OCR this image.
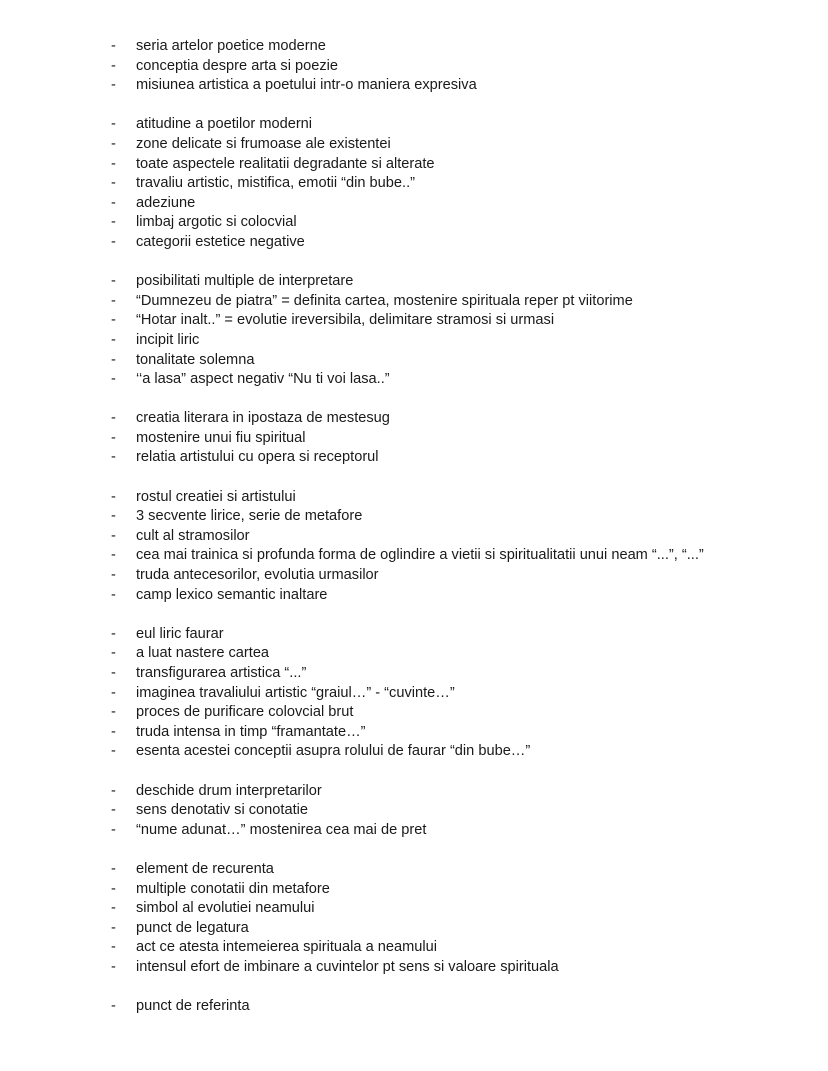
- seria artelor poetice moderne
- conceptia despre arta si poezie
- misiunea artistica a poetului intr-o maniera expresiva
- atitudine a poetilor moderni
- zone delicate si frumoase ale existentei
- toate aspectele realitatii degradante si alterate
- travaliu artistic, mistifica, emotii “din bube..”
- adeziune
- limbaj argotic si colocvial
- categorii estetice negative
- posibilitati multiple de interpretare
- “Dumnezeu de piatra” = definita cartea, mostenire spirituala reper pt viitorime
- “Hotar inalt..” = evolutie ireversibila, delimitare stramosi si urmasi
- incipit liric
- tonalitate solemna
- ‘‘a lasa” aspect negativ “Nu ti voi lasa..”
- creatia literara in ipostaza de mestesug
- mostenire unui fiu spiritual
- relatia artistului cu opera si receptorul
- rostul creatiei si artistului
- 3 secvente lirice, serie de metafore
- cult al stramosilor
- cea mai trainica si profunda forma de oglindire a vietii si spiritualitatii unui neam “...”, “...”
- truda antecesorilor, evolutia urmasilor
- camp lexico semantic inaltare
- eul liric faurar
- a luat nastere cartea
- transfigurarea artistica “...”
- imaginea travaliului artistic “graiul…” - “cuvinte…”
- proces de purificare colovcial brut
- truda intensa in timp “framantate…”
- esenta acestei conceptii asupra rolului de faurar “din bube…”
- deschide drum interpretarilor
- sens denotativ si conotatie
- “nume adunat…” mostenirea cea mai de pret
- element de recurenta
- multiple conotatii din metafore
- simbol al evolutiei neamului
- punct de legatura
- act ce atesta intemeierea spirituala a neamului
- intensul efort de imbinare a cuvintelor pt sens si valoare spirituala
- punct de referinta
